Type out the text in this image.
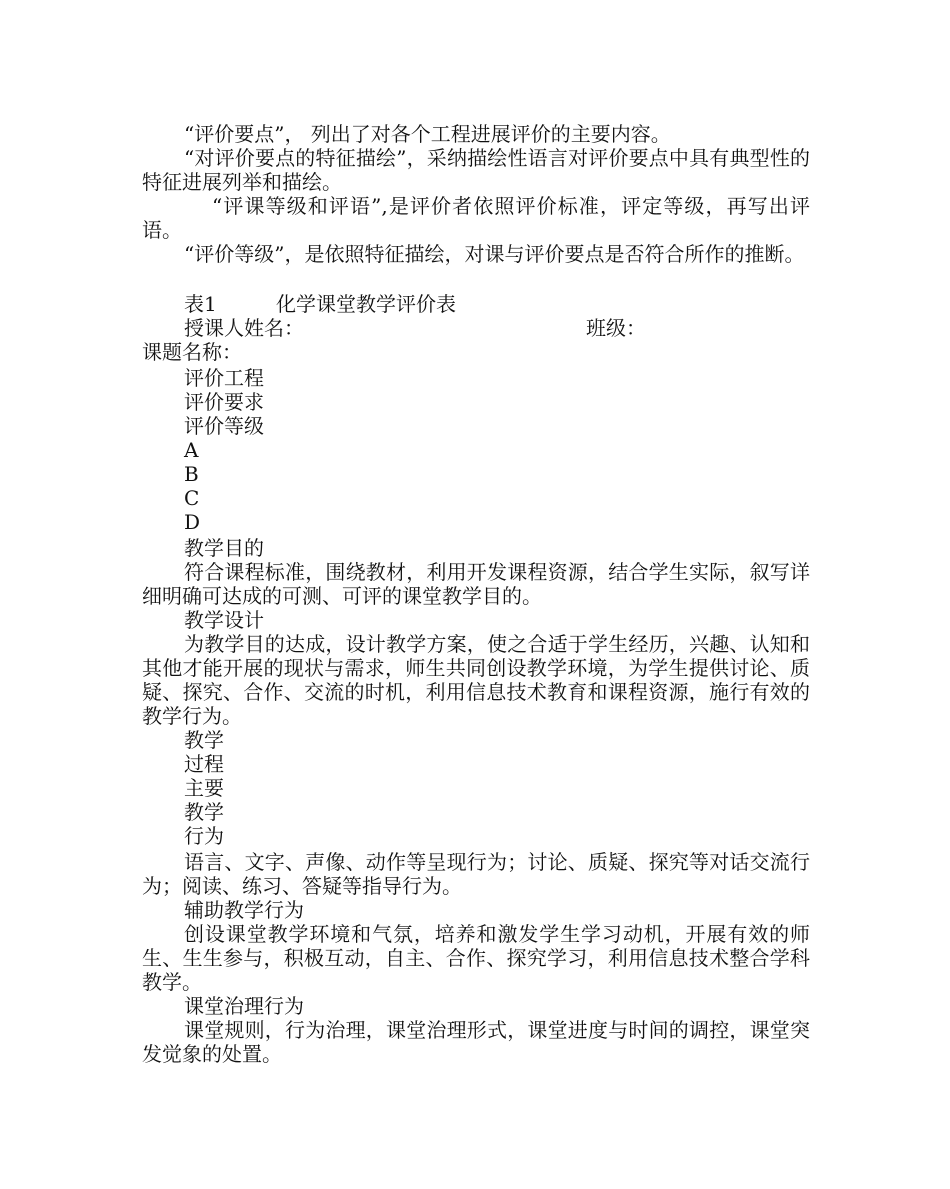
“评价要点”， 列出了对各个工程进展评价的主要内容。

“对评价要点的特征描绘”，采纳描绘性语言对评价要点中具有典型性的特征进展列举和描绘。

“评课等级和评语”,是评价者依照评价标准，评定等级，再写出评语。

“评价等级”，是依照特征描绘，对课与评价要点是否符合所作的推断。

表1	化学课堂教学评价表

授课人姓名：	班级：

课题名称：

评价工程

评价要求

评价等级

A

B

C

D

教学目的

符合课程标准，围绕教材，利用开发课程资源，结合学生实际，叙写详细明确可达成的可测、可评的课堂教学目的。

教学设计

为教学目的达成，设计教学方案，使之合适于学生经历，兴趣、认知和其他才能开展的现状与需求，师生共同创设教学环境，为学生提供讨论、质疑、探究、合作、交流的时机，利用信息技术教育和课程资源，施行有效的教学行为。

教学

过程

主要

教学

行为

语言、文字、声像、动作等呈现行为；讨论、质疑、探究等对话交流行为；阅读、练习、答疑等指导行为。

辅助教学行为

创设课堂教学环境和气氛，培养和激发学生学习动机，开展有效的师生、生生参与，积极互动，自主、合作、探究学习，利用信息技术整合学科教学。

课堂治理行为

课堂规则，行为治理，课堂治理形式，课堂进度与时间的调控，课堂突发觉象的处置。
